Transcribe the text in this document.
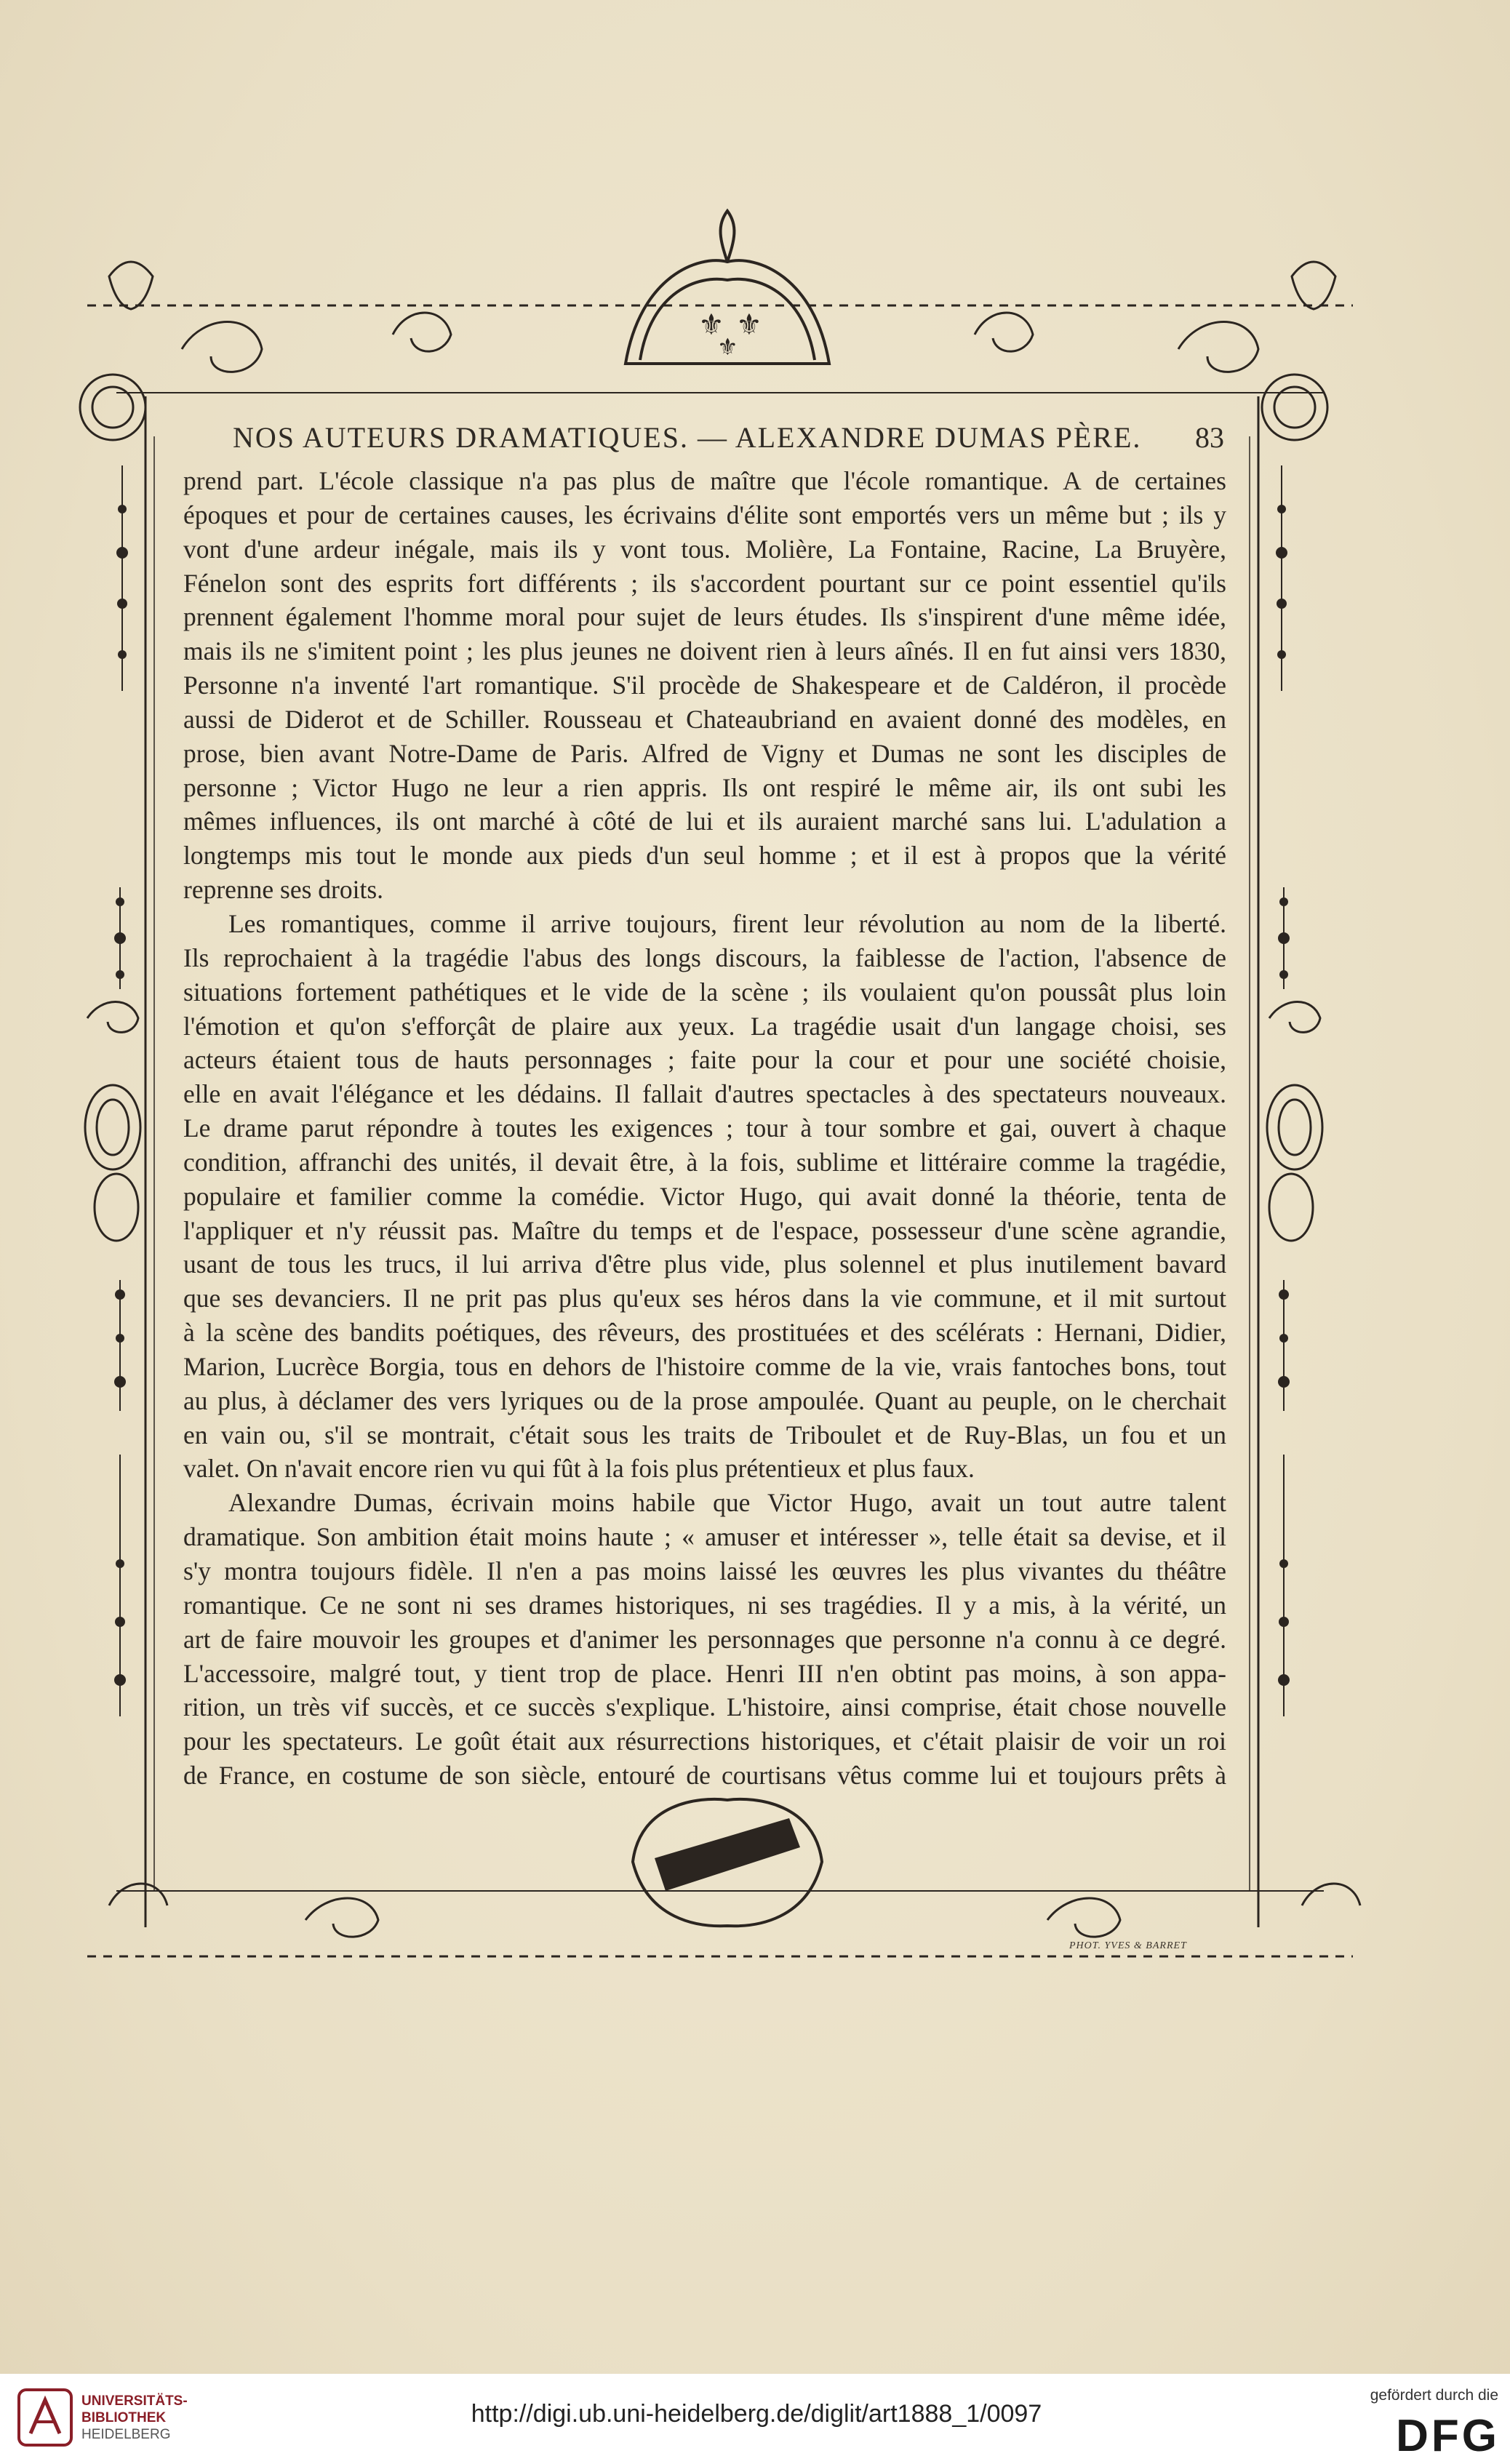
⚜ ⚜
⚜
NOS AUTEURS DRAMATIQUES. — ALEXANDRE DUMAS PÈRE.	83
prend part. L'école classique n'a pas plus de maître que l'école romantique. A de certaines
époques et pour de certaines causes, les écrivains d'élite sont emportés vers un même but ; ils y
vont d'une ardeur inégale, mais ils y vont tous. Molière, La Fontaine, Racine, La Bruyère,
Fénelon sont des esprits fort différents ; ils s'accordent pourtant sur ce point essentiel qu'ils
prennent également l'homme moral pour sujet de leurs études. Ils s'inspirent d'une même idée,
mais ils ne s'imitent point ; les plus jeunes ne doivent rien à leurs aînés. Il en fut ainsi vers 1830,
Personne n'a inventé l'art romantique. S'il procède de Shakespeare et de Caldéron, il procède
aussi de Diderot et de Schiller. Rousseau et Chateaubriand en avaient donné des modèles, en
prose, bien avant Notre-Dame de Paris. Alfred de Vigny et Dumas ne sont les disciples de
personne ; Victor Hugo ne leur a rien appris. Ils ont respiré le même air, ils ont subi les
mêmes influences, ils ont marché à côté de lui et ils auraient marché sans lui. L'adulation a
longtemps mis tout le monde aux pieds d'un seul homme ; et il est à propos que la vérité
reprenne ses droits.
Les romantiques, comme il arrive toujours, firent leur révolution au nom de la liberté.
Ils reprochaient à la tragédie l'abus des longs discours, la faiblesse de l'action, l'absence de
situations fortement pathétiques et le vide de la scène ; ils voulaient qu'on poussât plus loin
l'émotion et qu'on s'efforçât de plaire aux yeux. La tragédie usait d'un langage choisi, ses
acteurs étaient tous de hauts personnages ; faite pour la cour et pour une société choisie,
elle en avait l'élégance et les dédains. Il fallait d'autres spectacles à des spectateurs nouveaux.
Le drame parut répondre à toutes les exigences ; tour à tour sombre et gai, ouvert à chaque
condition, affranchi des unités, il devait être, à la fois, sublime et littéraire comme la tragédie,
populaire et familier comme la comédie. Victor Hugo, qui avait donné la théorie, tenta de
l'appliquer et n'y réussit pas. Maître du temps et de l'espace, possesseur d'une scène agrandie,
usant de tous les trucs, il lui arriva d'être plus vide, plus solennel et plus inutilement bavard
que ses devanciers. Il ne prit pas plus qu'eux ses héros dans la vie commune, et il mit surtout
à la scène des bandits poétiques, des rêveurs, des prostituées et des scélérats : Hernani, Didier,
Marion, Lucrèce Borgia, tous en dehors de l'histoire comme de la vie, vrais fantoches bons, tout
au plus, à déclamer des vers lyriques ou de la prose ampoulée. Quant au peuple, on le cherchait
en vain ou, s'il se montrait, c'était sous les traits de Triboulet et de Ruy-Blas, un fou et un
valet. On n'avait encore rien vu qui fût à la fois plus prétentieux et plus faux.
Alexandre Dumas, écrivain moins habile que Victor Hugo, avait un tout autre talent
dramatique. Son ambition était moins haute ; « amuser et intéresser », telle était sa devise, et il
s'y montra toujours fidèle. Il n'en a pas moins laissé les œuvres les plus vivantes du théâtre
romantique. Ce ne sont ni ses drames historiques, ni ses tragédies. Il y a mis, à la vérité, un
art de faire mouvoir les groupes et d'animer les personnages que personne n'a connu à ce degré.
L'accessoire, malgré tout, y tient trop de place. Henri III n'en obtint pas moins, à son appa-
rition, un très vif succès, et ce succès s'explique. L'histoire, ainsi comprise, était chose nouvelle
pour les spectateurs. Le goût était aux résurrections historiques, et c'était plaisir de voir un roi
de France, en costume de son siècle, entouré de courtisans vêtus comme lui et toujours prêts à
PHOT. YVES & BARRET
UNIVERSITÄTS-
BIBLIOTHEK
HEIDELBERG
http://digi.ub.uni-heidelberg.de/diglit/art1888_1/0097
gefördert durch die
DFG
